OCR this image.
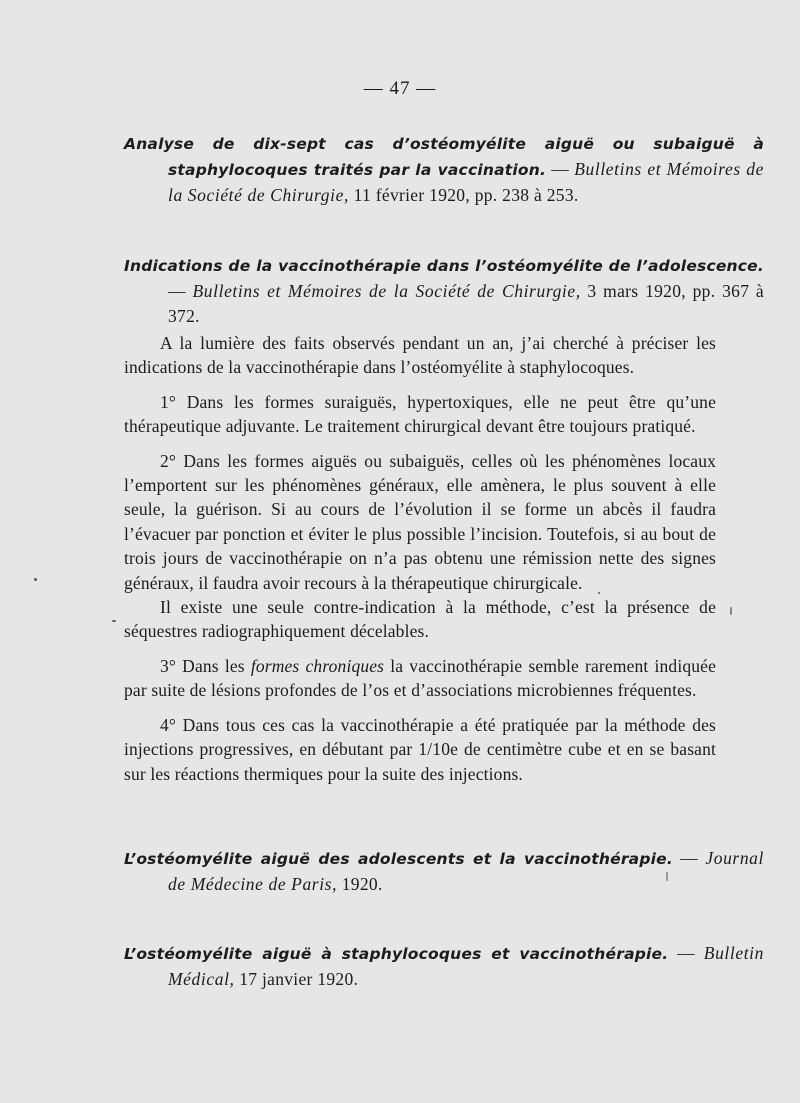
— 47 —
Analyse de dix-sept cas d’ostéomyélite aiguë ou subaiguë à staphylocoques traités par la vaccination. — Bulletins et Mémoires de la Société de Chirurgie, 11 février 1920, pp. 238 à 253.
Indications de la vaccinothérapie dans l’ostéomyélite de l’adolescence. — Bulletins et Mémoires de la Société de Chirurgie, 3 mars 1920, pp. 367 à 372.

A la lumière des faits observés pendant un an, j’ai cherché à préciser les indications de la vaccinothérapie dans l’ostéomyélite à staphylocoques.

1° Dans les formes suraiguës, hypertoxiques, elle ne peut être qu’une thérapeutique adjuvante. Le traitement chirurgical devant être toujours pratiqué.

2° Dans les formes aiguës ou subaiguës, celles où les phénomènes locaux l’emportent sur les phénomènes généraux, elle amènera, le plus souvent à elle seule, la guérison. Si au cours de l’évolution il se forme un abcès il faudra l’évacuer par ponction et éviter le plus possible l’incision. Toutefois, si au bout de trois jours de vaccinothérapie on n’a pas obtenu une rémission nette des signes généraux, il faudra avoir recours à la thérapeutique chirurgicale.

Il existe une seule contre-indication à la méthode, c’est la présence de séquestres radiographiquement décelables.

3° Dans les formes chroniques la vaccinothérapie semble rarement indiquée par suite de lésions profondes de l’os et d’associations microbiennes fréquentes.

4° Dans tous ces cas la vaccinothérapie a été pratiquée par la méthode des injections progressives, en débutant par 1/10e de centimètre cube et en se basant sur les réactions thermiques pour la suite des injections.

L’ostéomyélite aiguë des adolescents et la vaccinothérapie. — Journal de Médecine de Paris, 1920.
L’ostéomyélite aiguë à staphylocoques et vaccinothérapie. — Bulletin Médical, 17 janvier 1920.
